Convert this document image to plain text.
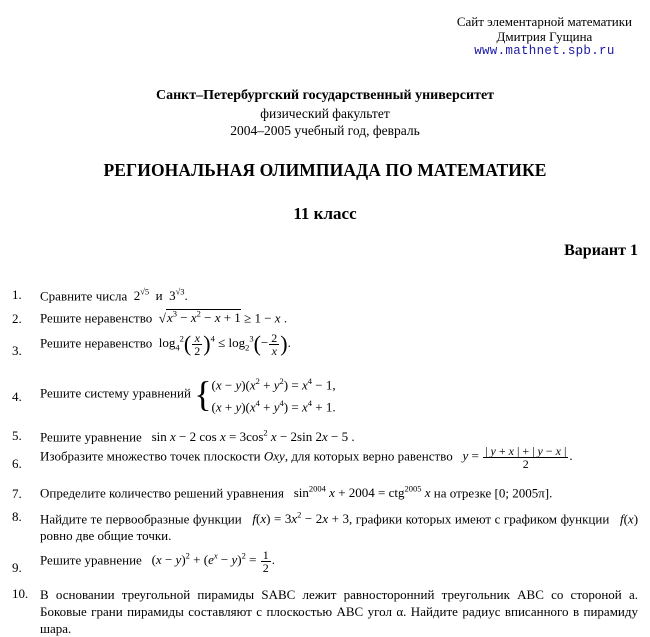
Сайт элементарной математики
Дмитрия Гущина
www.mathnet.spb.ru
Санкт–Петербургский государственный университет
физический факультет
2004–2005 учебный год, февраль
РЕГИОНАЛЬНАЯ ОЛИМПИАДА ПО МАТЕМАТИКЕ
11 класс
Вариант 1
1.	Сравните числа  $2^{√5}$  и  $3^{√3}$.
2.	Решите неравенство  $√x^3 - x^2 - x + 1 \ge 1 - x$ .
3.
Решите неравенство  $\log_4^2( \frac{x}{2} )^4 \le \log_2^3(- \frac{2}{x}$ ).
4.	Решите систему уравнений { $(x - y)(x^2 + y^2) = x^4 - 1$,
$(x + y)(x^4 + y^4) = x^4 + 1$.
5.	Решите уравнение   sin x − 2 $\cos x = 3\cos^2$ x − 2sin 2x − 5 .
6.
Изобразите множество точек плоскости Oxy, для которых верно равенство $y = \frac{| y + x | + | y - x |}{2}$ .
7.	Определите количество решений уравнения   $\sin^{2004} x + 2004 = ctg^{2005}$ x на отрезке [0; 2005π].
8.	Найдите те первообразные функции $f(x) = 3x^2 - 2x + 3$, графики которых имеют с графиком функции f(x) ровно две общие точки.
9.
Решите уравнение   $(x - y)^2 + (e^x - y)^2 = \frac{1}{2}$ .
10. В основании треугольной пирамиды SABC лежит равносторонний треугольник ABC со стороной a. Боковые грани пирамиды составляют с плоскостью ABC угол α. Найдите радиус вписанного в пирамиду шара.
